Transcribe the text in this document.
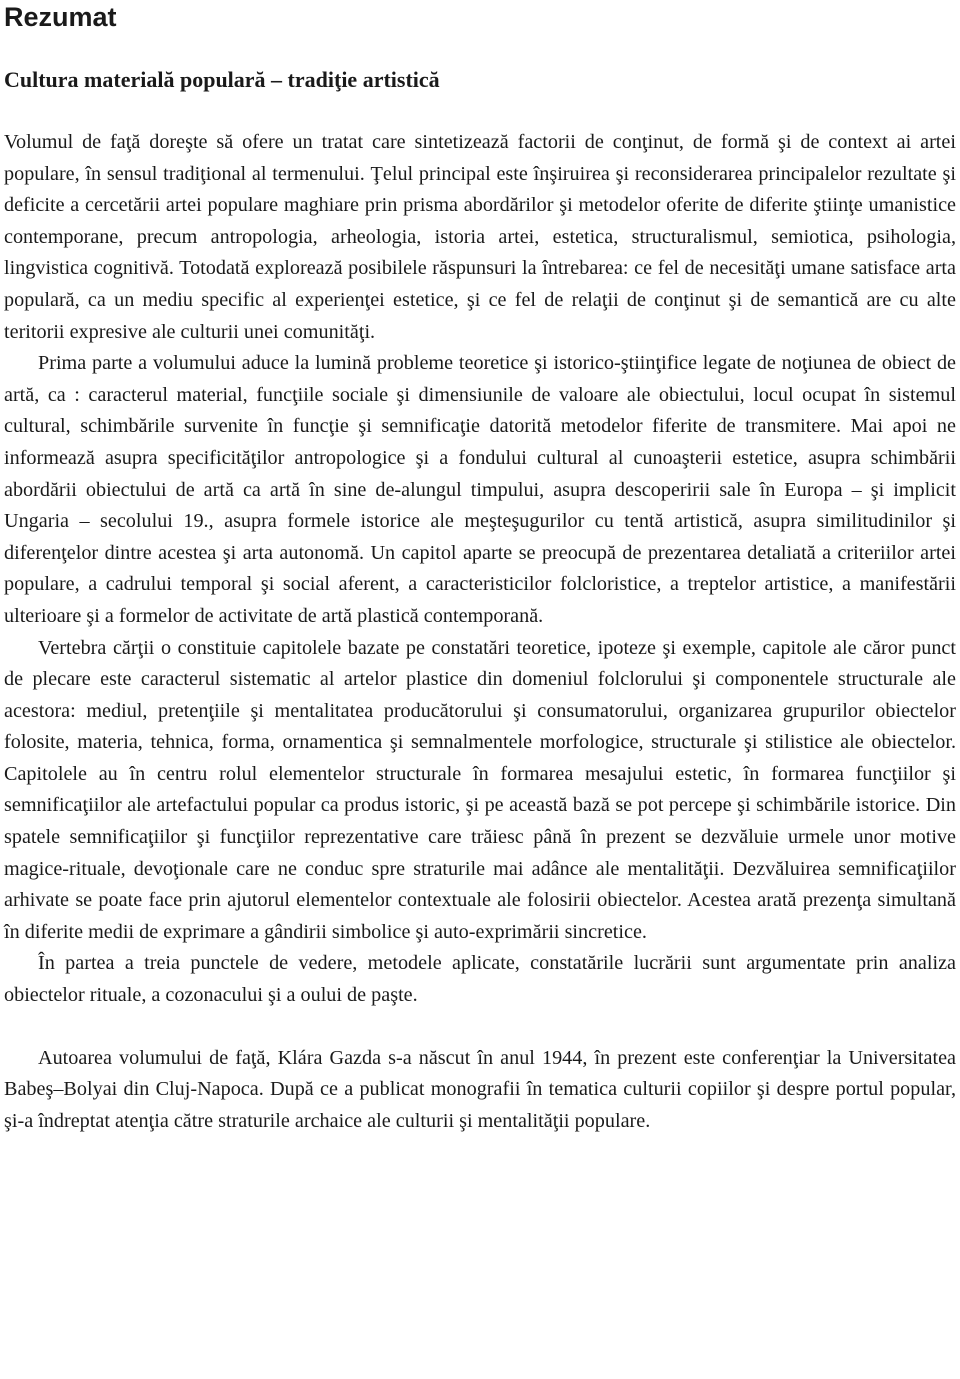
Rezumat
Cultura materială populară – tradiţie artistică

Volumul de faţă doreşte să ofere un tratat care sintetizează factorii de conţinut, de formă şi de context ai artei populare, în sensul tradiţional al termenului. Ţelul principal este înşiruirea şi reconsiderarea principalelor rezultate şi deficite a cercetării artei populare maghiare prin prisma abordărilor şi metodelor oferite de diferite ştiinţe umanistice contemporane, precum antropologia, arheologia, istoria artei, estetica, structuralismul, semiotica, psihologia, lingvistica cognitivă. Totodată explorează posibilele răspunsuri la întrebarea: ce fel de necesităţi umane satisface arta populară, ca un mediu specific al experienţei estetice, şi ce fel de relaţii de conţinut şi de semantică are cu alte teritorii expresive ale culturii unei comunităţi.

Prima parte a volumului aduce la lumină probleme teoretice şi istorico-ştiinţifice legate de noţiunea de obiect de artă, ca : caracterul material, funcţiile sociale şi dimensiunile de valoare ale obiectului, locul ocupat în sistemul cultural, schimbările survenite în funcţie şi semnificaţie datorită metodelor fiferite de transmitere. Mai apoi ne informează asupra specificităţilor antropologice şi a fondului cultural al cunoaşterii estetice, asupra schimbării abordării obiectului de artă ca artă în sine de-alungul timpului, asupra descoperirii sale în Europa – şi implicit Ungaria – secolului 19., asupra formele istorice ale meşteşugurilor cu tentă artistică, asupra similitudinilor şi diferenţelor dintre acestea şi arta autonomă. Un capitol aparte se preocupă de prezentarea detaliată a criteriilor artei populare, a cadrului temporal şi social aferent, a caracteristicilor folcloristice, a treptelor artistice, a manifestării ulterioare şi a formelor de activitate de artă plastică contemporană.

Vertebra cărţii o constituie capitolele bazate pe constatări teoretice, ipoteze şi exemple, capitole ale căror punct de plecare este caracterul sistematic al artelor plastice din domeniul folclorului şi componentele structurale ale acestora: mediul, pretenţiile şi mentalitatea producătorului şi consumatorului, organizarea grupurilor obiectelor folosite, materia, tehnica, forma, ornamentica şi semnalmentele morfologice, structurale şi stilistice ale obiectelor. Capitolele au în centru rolul elementelor structurale în formarea mesajului estetic, în formarea funcţiilor şi semnificaţiilor ale artefactului popular ca produs istoric, şi pe această bază se pot percepe şi schimbările istorice. Din spatele semnificaţiilor şi funcţiilor reprezentative care trăiesc până în prezent se dezvăluie urmele unor motive magice-rituale, devoţionale care ne conduc spre straturile mai adânce ale mentalităţii. Dezvăluirea semnificaţiilor arhivate se poate face prin ajutorul elementelor contextuale ale folosirii obiectelor. Acestea arată prezenţa simultană în diferite medii de exprimare a gândirii simbolice şi auto-exprimării sincretice.

În partea a treia punctele de vedere, metodele aplicate, constatările lucrării sunt argumentate prin analiza obiectelor rituale, a cozonacului şi a oului de paşte.

Autoarea volumului de faţă, Klára Gazda s-a născut în anul 1944, în prezent este conferenţiar la Universitatea Babeş–Bolyai din Cluj-Napoca. După ce a publicat monografii în tematica culturii copiilor şi despre portul popular, şi-a îndreptat atenţia către straturile archaice ale culturii şi mentalităţii populare.
